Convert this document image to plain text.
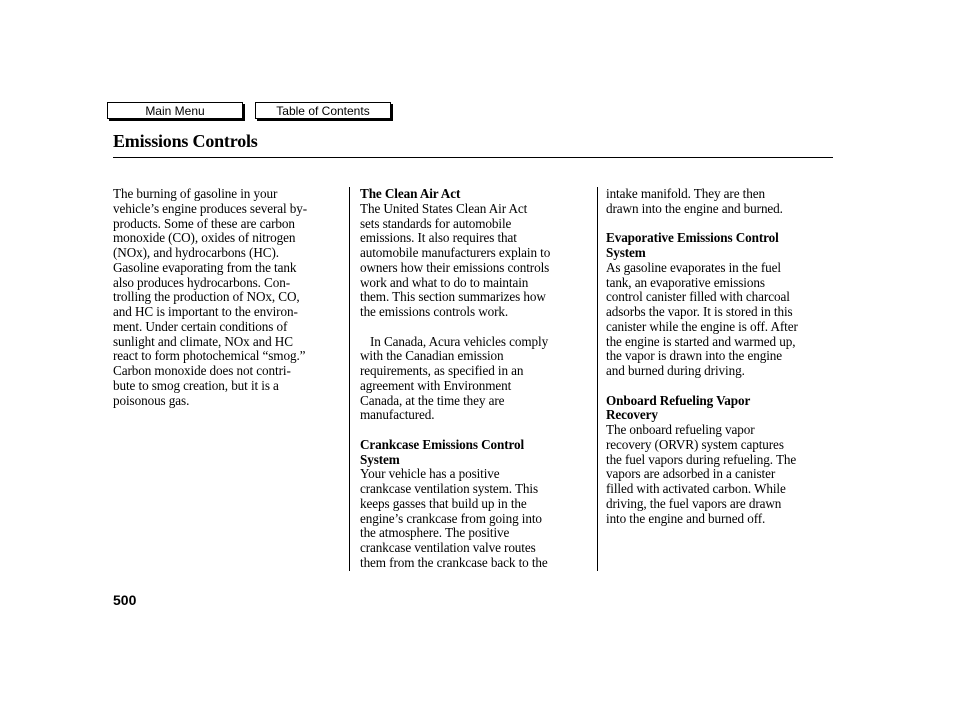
Main Menu	Table of Contents
Emissions Controls

The burning of gasoline in your
vehicle’s engine produces several by-
products. Some of these are carbon
monoxide (CO), oxides of nitrogen
(NOx), and hydrocarbons (HC).
Gasoline evaporating from the tank
also produces hydrocarbons. Con-
trolling the production of NOx, CO,
and HC is important to the environ-
ment. Under certain conditions of
sunlight and climate, NOx and HC
react to form photochemical “smog.”
Carbon monoxide does not contri-
bute to smog creation, but it is a
poisonous gas.

The Clean Air Act

The United States Clean Air Act
sets standards for automobile
emissions. It also requires that
automobile manufacturers explain to
owners how their emissions controls
work and what to do to maintain
them. This section summarizes how
the emissions controls work.

In Canada, Acura vehicles comply
with the Canadian emission
requirements, as specified in an
agreement with Environment
Canada, at the time they are
manufactured.

Crankcase Emissions Control
System

Your vehicle has a positive
crankcase ventilation system. This
keeps gasses that build up in the
engine’s crankcase from going into
the atmosphere. The positive
crankcase ventilation valve routes
them from the crankcase back to the

intake manifold. They are then
drawn into the engine and burned.

Evaporative Emissions Control
System

As gasoline evaporates in the fuel
tank, an evaporative emissions
control canister filled with charcoal
adsorbs the vapor. It is stored in this
canister while the engine is off. After
the engine is started and warmed up,
the vapor is drawn into the engine
and burned during driving.

Onboard Refueling Vapor
Recovery

The onboard refueling vapor
recovery (ORVR) system captures
the fuel vapors during refueling. The
vapors are adsorbed in a canister
filled with activated carbon. While
driving, the fuel vapors are drawn
into the engine and burned off.

500
